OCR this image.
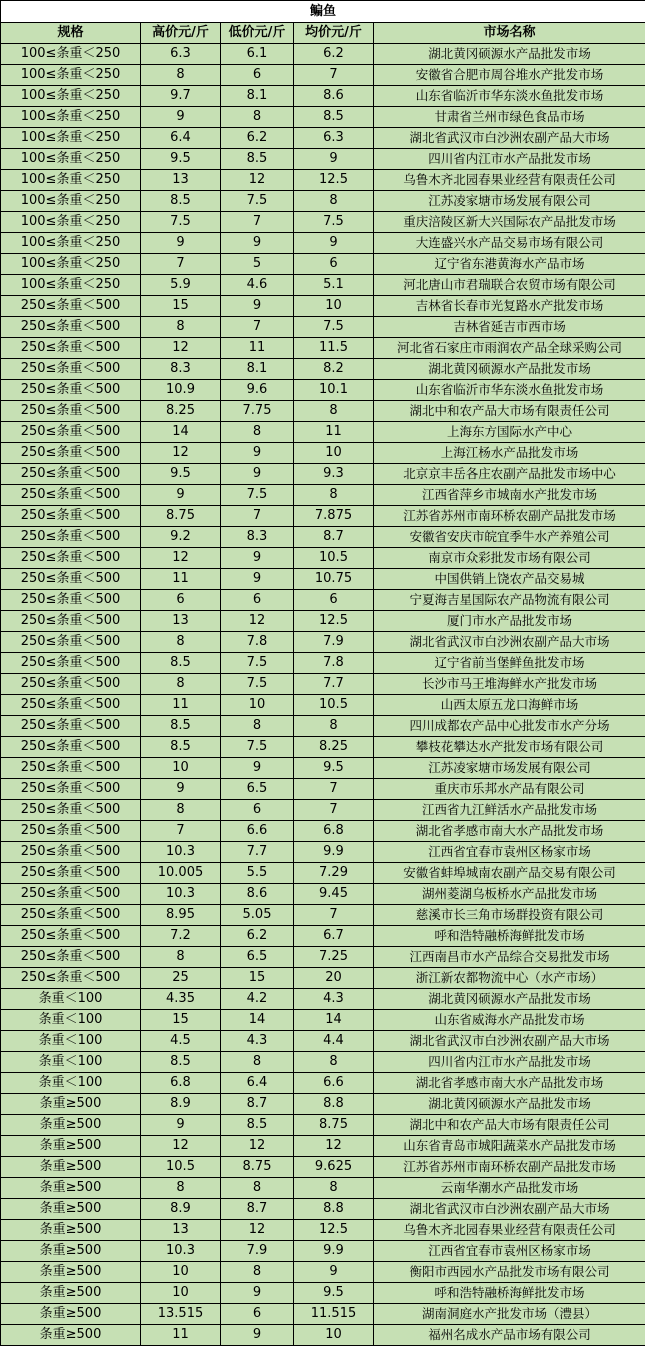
鳊鱼				
规格	高价元/斤	低价元/斤	均价元/斤	市场名称
100≤条重＜250	6.3	6.1	6.2	湖北黄冈硕源水产品批发市场
100≤条重＜250	8	6	7	安徽省合肥市周谷堆水产批发市场
100≤条重＜250	9.7	8.1	8.6	山东省临沂市华东淡水鱼批发市场
100≤条重＜250	9	8	8.5	甘肃省兰州市绿色食品市场
100≤条重＜250	6.4	6.2	6.3	湖北省武汉市白沙洲农副产品大市场
100≤条重＜250	9.5	8.5	9	四川省内江市水产品批发市场
100≤条重＜250	13	12	12.5	乌鲁木齐北园春果业经营有限责任公司
100≤条重＜250	8.5	7.5	8	江苏凌家塘市场发展有限公司
100≤条重＜250	7.5	7	7.5	重庆涪陵区新大兴国际农产品批发市场
100≤条重＜250	9	9	9	大连盛兴水产品交易市场有限公司
100≤条重＜250	7	5	6	辽宁省东港黄海水产品市场
100≤条重＜250	5.9	4.6	5.1	河北唐山市君瑞联合农贸市场有限公司
250≤条重＜500	15	9	10	吉林省长春市光复路水产批发市场
250≤条重＜500	8	7	7.5	吉林省延吉市西市场
250≤条重＜500	12	11	11.5	河北省石家庄市雨润农产品全球采购公司
250≤条重＜500	8.3	8.1	8.2	湖北黄冈硕源水产品批发市场
250≤条重＜500	10.9	9.6	10.1	山东省临沂市华东淡水鱼批发市场
250≤条重＜500	8.25	7.75	8	湖北中和农产品大市场有限责任公司
250≤条重＜500	14	8	11	上海东方国际水产中心
250≤条重＜500	12	9	10	上海江杨水产品批发市场
250≤条重＜500	9.5	9	9.3	北京京丰岳各庄农副产品批发市场中心
250≤条重＜500	9	7.5	8	江西省萍乡市城南水产批发市场
250≤条重＜500	8.75	7	7.875	江苏省苏州市南环桥农副产品批发市场
250≤条重＜500	9.2	8.3	8.7	安徽省安庆市皖宜季牛水产养殖公司
250≤条重＜500	12	9	10.5	南京市众彩批发市场有限公司
250≤条重＜500	11	9	10.75	中国供销上饶农产品交易城
250≤条重＜500	6	6	6	宁夏海吉星国际农产品物流有限公司
250≤条重＜500	13	12	12.5	厦门市水产品批发市场
250≤条重＜500	8	7.8	7.9	湖北省武汉市白沙洲农副产品大市场
250≤条重＜500	8.5	7.5	7.8	辽宁省前当堡鲜鱼批发市场
250≤条重＜500	8	7.5	7.7	长沙市马王堆海鲜水产批发市场
250≤条重＜500	11	10	10.5	山西太原五龙口海鲜市场
250≤条重＜500	8.5	8	8	四川成都农产品中心批发市水产分场
250≤条重＜500	8.5	7.5	8.25	攀枝花攀达水产批发市场有限公司
250≤条重＜500	10	9	9.5	江苏凌家塘市场发展有限公司
250≤条重＜500	9	6.5	7	重庆市乐邦水产品有限公司
250≤条重＜500	8	6	7	江西省九江鲜活水产品批发市场
250≤条重＜500	7	6.6	6.8	湖北省孝感市南大水产品批发市场
250≤条重＜500	10.3	7.7	9.9	江西省宜春市袁州区杨家市场
250≤条重＜500	10.005	5.5	7.29	安徽省蚌埠城南农副产品交易有限公司
250≤条重＜500	10.3	8.6	9.45	湖州菱湖乌板桥水产品批发市场
250≤条重＜500	8.95	5.05	7	慈溪市长三角市场群投资有限公司
250≤条重＜500	7.2	6.2	6.7	呼和浩特融桥海鲜批发市场
250≤条重＜500	8	6.5	7.25	江西南昌市水产品综合交易批发市场
250≤条重＜500	25	15	20	浙江新农都物流中心（水产市场）
条重＜100	4.35	4.2	4.3	湖北黄冈硕源水产品批发市场
条重＜100	15	14	14	山东省威海水产品批发市场
条重＜100	4.5	4.3	4.4	湖北省武汉市白沙洲农副产品大市场
条重＜100	8.5	8	8	四川省内江市水产品批发市场
条重＜100	6.8	6.4	6.6	湖北省孝感市南大水产品批发市场
条重≥500	8.9	8.7	8.8	湖北黄冈硕源水产品批发市场
条重≥500	9	8.5	8.75	湖北中和农产品大市场有限责任公司
条重≥500	12	12	12	山东省青岛市城阳蔬菜水产品批发市场
条重≥500	10.5	8.75	9.625	江苏省苏州市南环桥农副产品批发市场
条重≥500	8	8	8	云南华潮水产品批发市场
条重≥500	8.9	8.7	8.8	湖北省武汉市白沙洲农副产品大市场
条重≥500	13	12	12.5	乌鲁木齐北园春果业经营有限责任公司
条重≥500	10.3	7.9	9.9	江西省宜春市袁州区杨家市场
条重≥500	10	8	9	衡阳市西园水产品批发市场有限公司
条重≥500	10	9	9.5	呼和浩特融桥海鲜批发市场
条重≥500	13.515	6	11.515	湖南洞庭水产批发市场（澧县）
条重≥500	11	9	10	福州名成水产品市场有限公司
